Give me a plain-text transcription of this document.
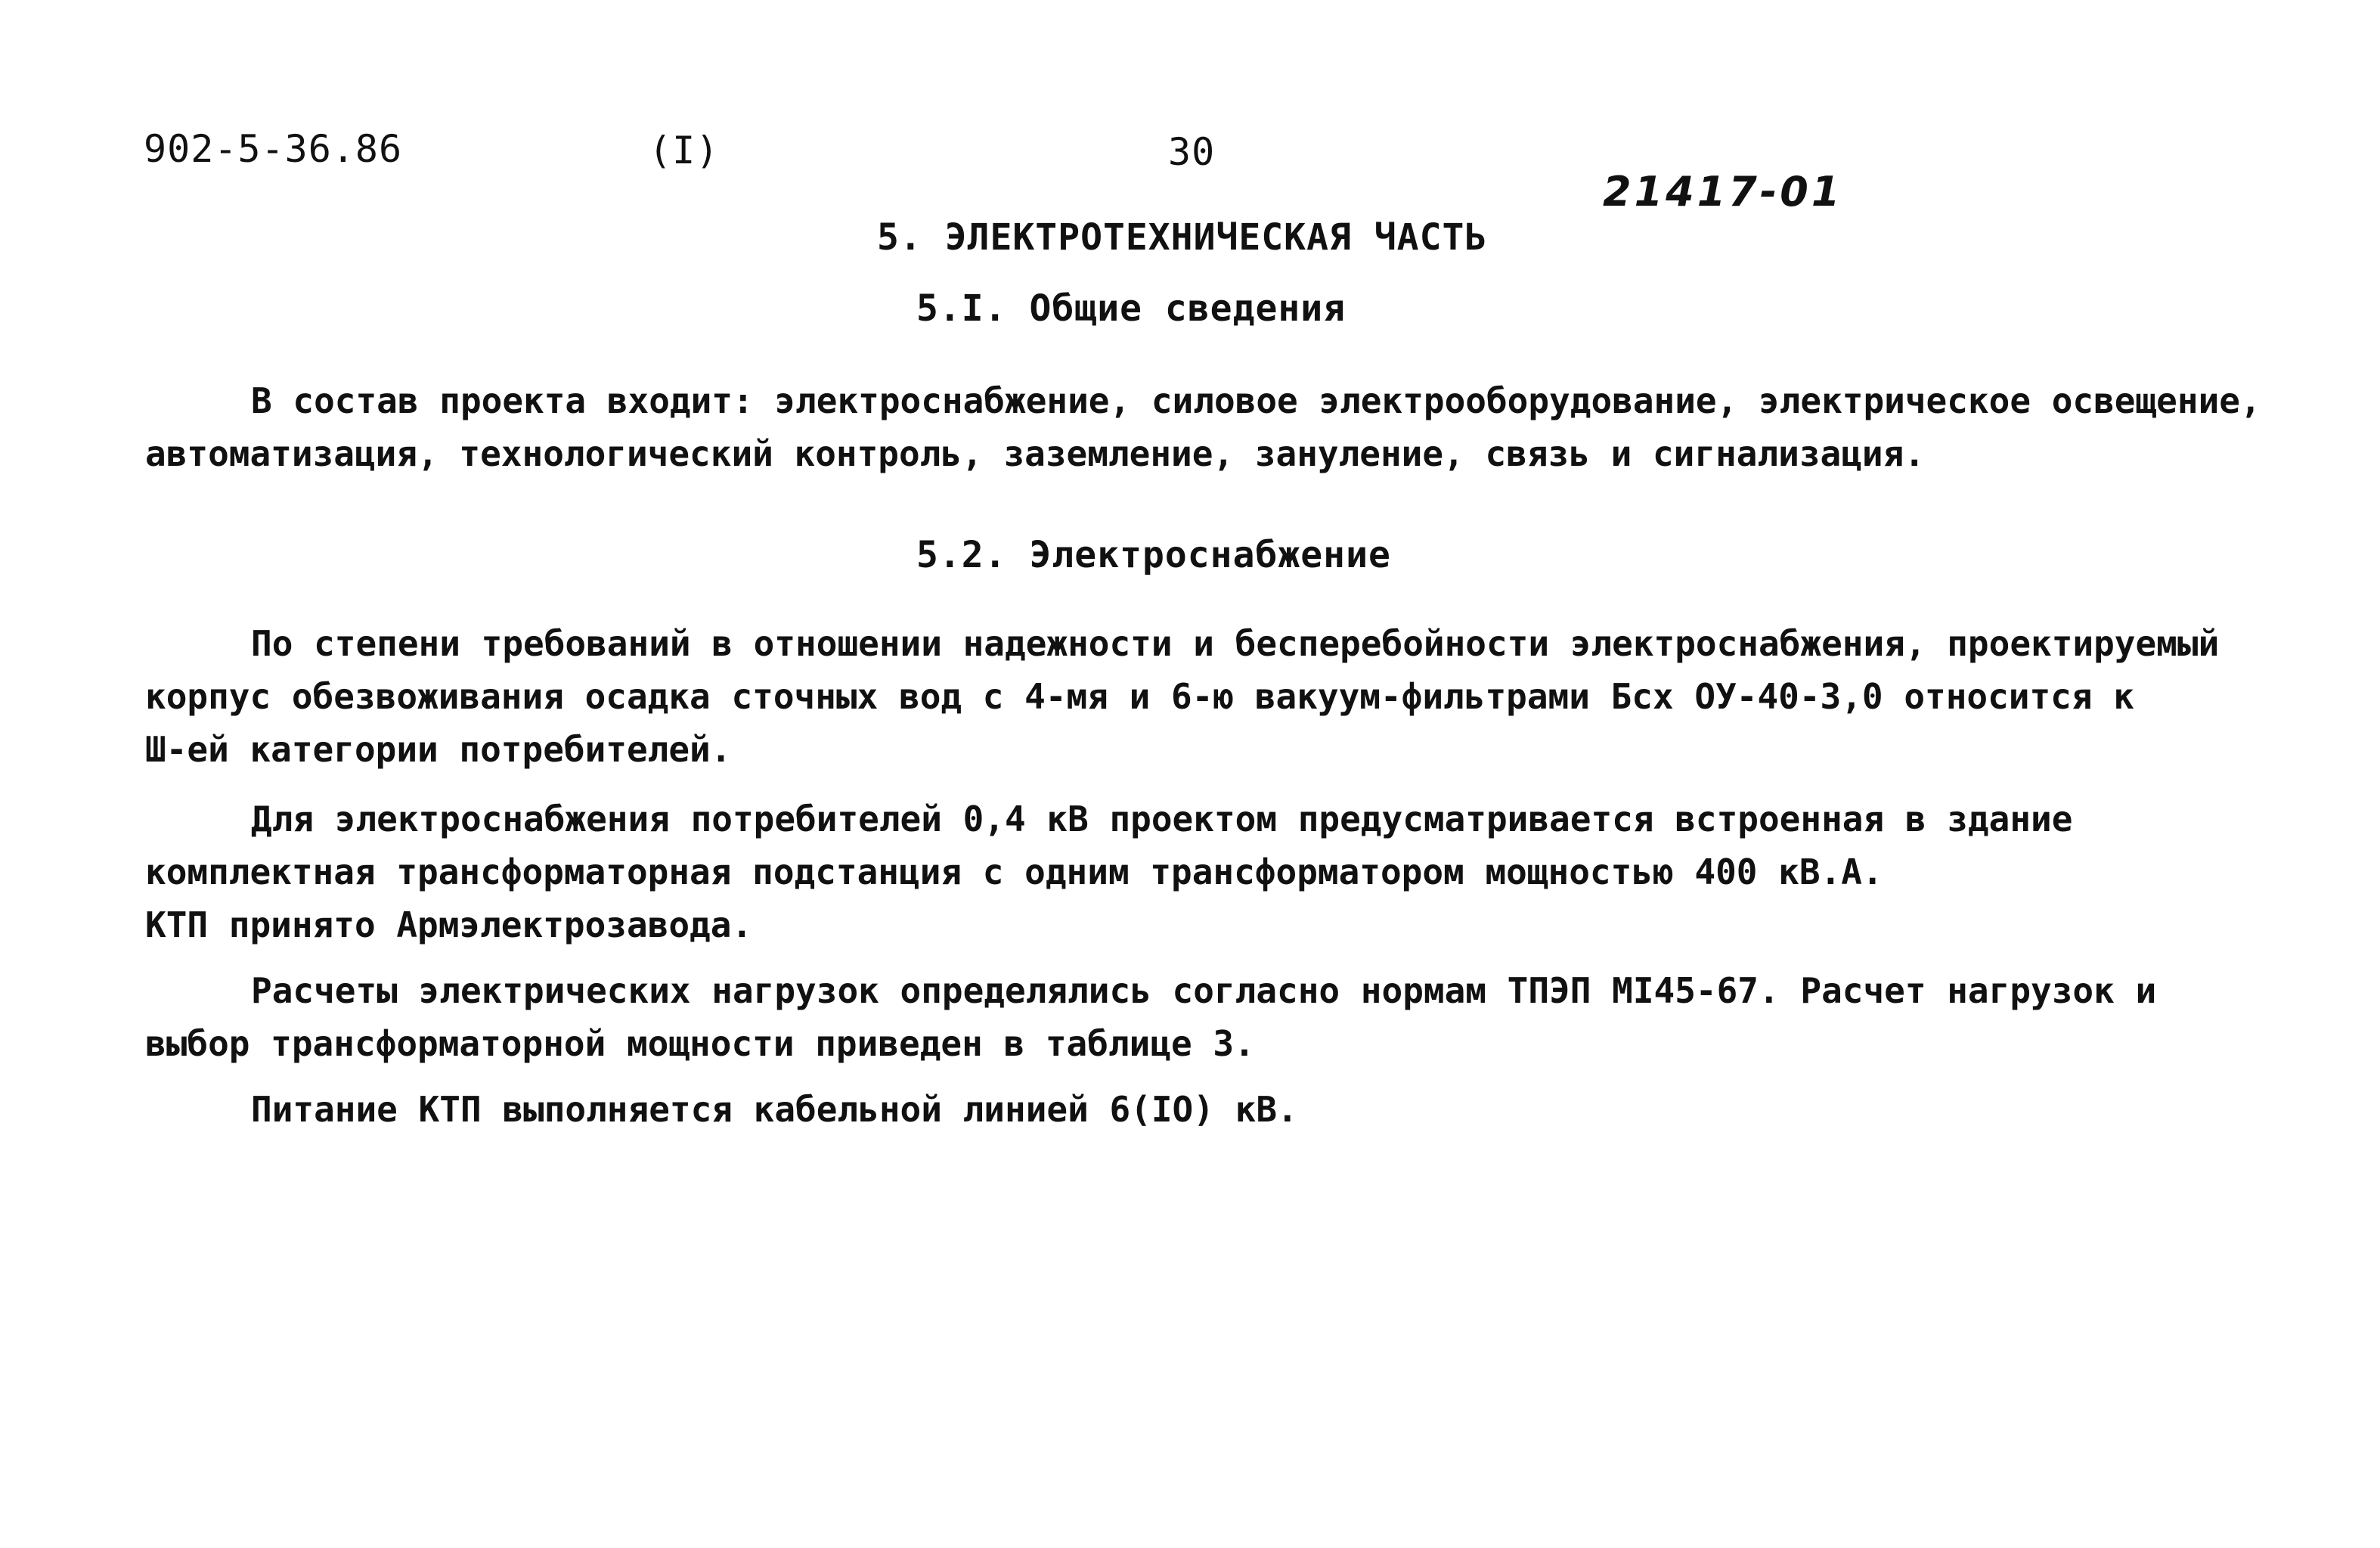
902-5-36.86	(I)	30
21417-01
5. ЭЛЕКТРОТЕХНИЧЕСКАЯ ЧАСТЬ
5.I. Общие сведения
В состав проекта входит: электроснабжение, силовое электрооборудование, электрическое освещение,
автоматизация, технологический контроль, заземление, зануление, связь и сигнализация.
5.2. Электроснабжение
По степени требований в отношении надежности и бесперебойности электроснабжения, проектируемый
корпус обезвоживания осадка сточных вод с 4-мя и 6-ю вакуум-фильтрами Бсх ОУ-40-3,0 относится к
Ш-ей категории потребителей.
Для электроснабжения потребителей 0,4 кВ проектом предусматривается встроенная в здание
комплектная трансформаторная подстанция с одним трансформатором мощностью 400 кВ.А.
КТП принято Армэлектрозавода.
Расчеты электрических нагрузок определялись согласно нормам ТПЭП МI45-67. Расчет нагрузок и
выбор трансформаторной мощности приведен в таблице 3.
Питание КТП выполняется кабельной линией 6(IO) кВ.
